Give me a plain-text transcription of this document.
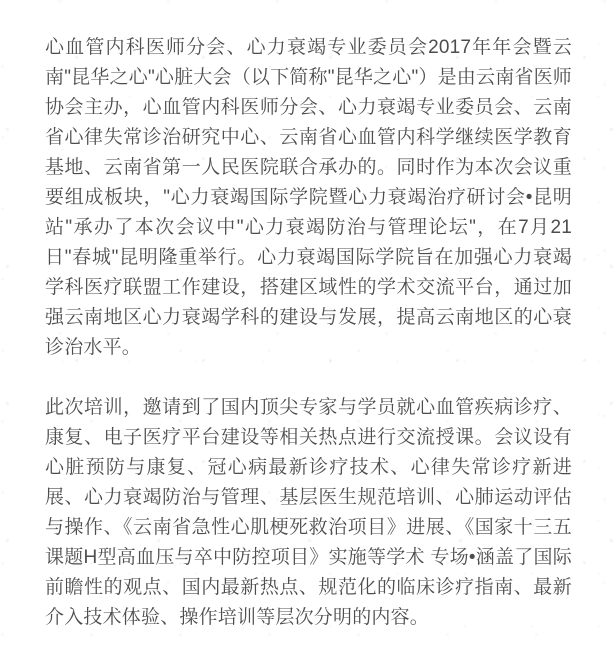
心血管内科医师分会、心力衰竭专业委员会2017年年会暨云南"昆华之心"心脏大会（以下简称"昆华之心"）是由云南省医师协会主办，心血管内科医师分会、心力衰竭专业委员会、云南省心律失常诊治研究中心、云南省心血管内科学继续医学教育基地、云南省第一人民医院联合承办的。同时作为本次会议重要组成板块，"心力衰竭国际学院暨心力衰竭治疗研讨会•昆明站"承办了本次会议中"心力衰竭防治与管理论坛"，在7月21日"春城"昆明隆重举行。心力衰竭国际学院旨在加强心力衰竭学科医疗联盟工作建设，搭建区域性的学术交流平台，通过加强云南地区心力衰竭学科的建设与发展，提高云南地区的心衰诊治水平。

此次培训，邀请到了国内顶尖专家与学员就心血管疾病诊疗、康复、电子医疗平台建设等相关热点进行交流授课。会议设有心脏预防与康复、冠心病最新诊疗技术、心律失常诊疗新进展、心力衰竭防治与管理、基层医生规范培训、心肺运动评估与操作、《云南省急性心肌梗死救治项目》进展、《国家十三五课题H型高血压与卒中防控项目》实施等学术 专场•涵盖了国际前瞻性的观点、国内最新热点、规范化的临床诊疗指南、最新介入技术体验、操作培训等层次分明的内容。
